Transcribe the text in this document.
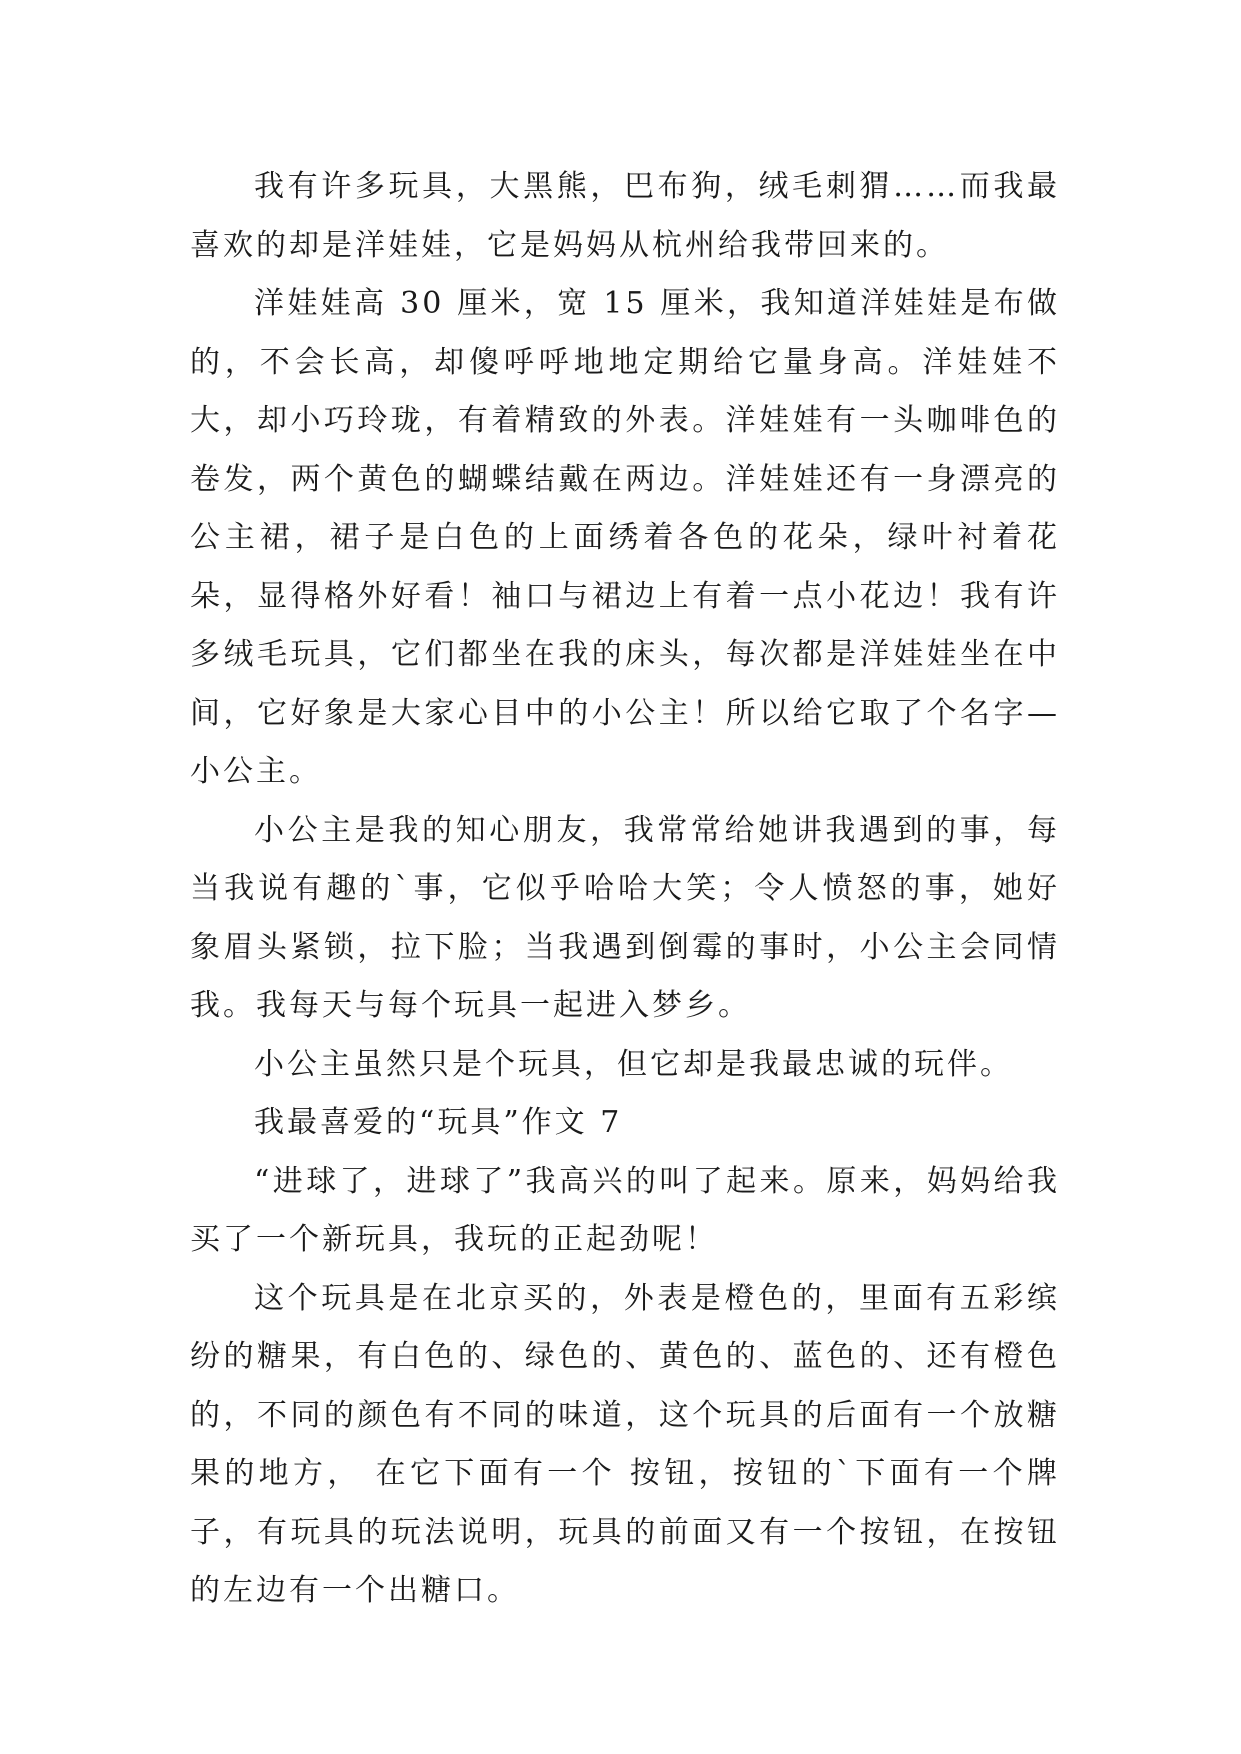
我有许多玩具，大黑熊，巴布狗，绒毛刺猬……而我最喜欢的却是洋娃娃，它是妈妈从杭州给我带回来的。

洋娃娃高 30 厘米，宽 15 厘米，我知道洋娃娃是布做的，不会长高，却傻呼呼地地定期给它量身高。洋娃娃不大，却小巧玲珑，有着精致的外表。洋娃娃有一头咖啡色的卷发，两个黄色的蝴蝶结戴在两边。洋娃娃还有一身漂亮的公主裙，裙子是白色的上面绣着各色的花朵，绿叶衬着花朵，显得格外好看！袖口与裙边上有着一点小花边！我有许多绒毛玩具，它们都坐在我的床头，每次都是洋娃娃坐在中间，它好象是大家心目中的小公主！所以给它取了个名字—小公主。

小公主是我的知心朋友，我常常给她讲我遇到的事，每当我说有趣的`事，它似乎哈哈大笑；令人愤怒的事，她好象眉头紧锁，拉下脸；当我遇到倒霉的事时，小公主会同情我。我每天与每个玩具一起进入梦乡。

小公主虽然只是个玩具，但它却是我最忠诚的玩伴。

我最喜爱的“玩具”作文 7

“进球了，进球了”我高兴的叫了起来。原来，妈妈给我买了一个新玩具，我玩的正起劲呢！

这个玩具是在北京买的，外表是橙色的，里面有五彩缤纷的糖果，有白色的、绿色的、黄色的、蓝色的、还有橙色的，不同的颜色有不同的味道，这个玩具的后面有一个放糖果的地方， 在它下面有一个 按钮，按钮的`下面有一个牌子，有玩具的玩法说明，玩具的前面又有一个按钮，在按钮的左边有一个出糖口。
